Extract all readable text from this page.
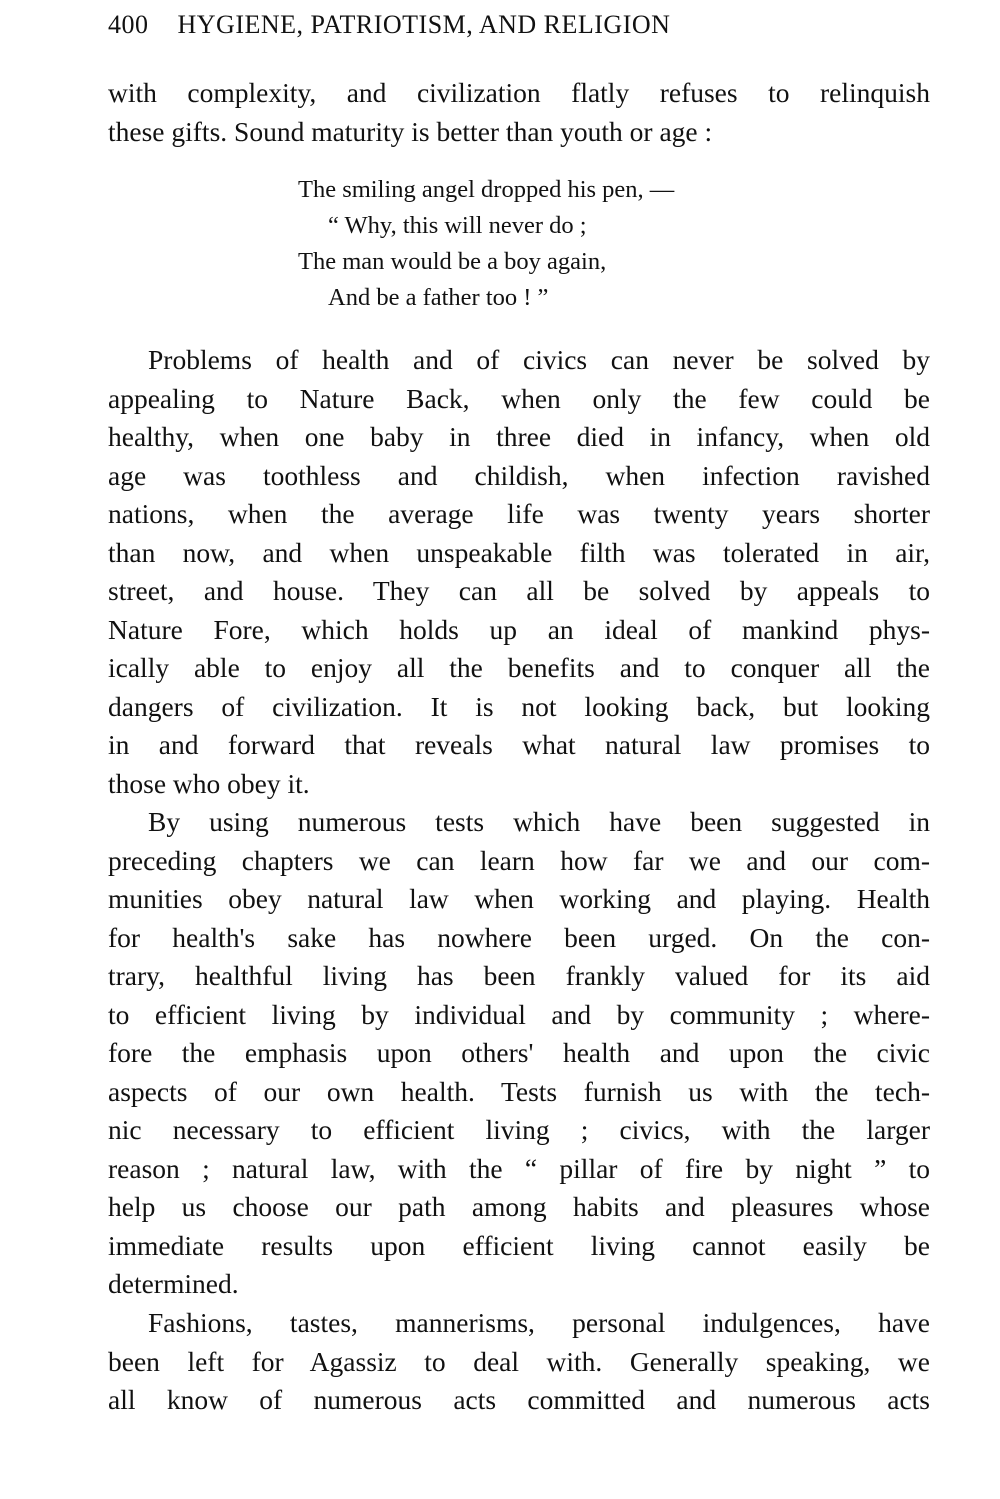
400 HYGIENE, PATRIOTISM, AND RELIGION
with complexity, and civilization flatly refuses to relinquish
these gifts. Sound maturity is better than youth or age :
The smiling angel dropped his pen, —
“ Why, this will never do ;
The man would be a boy again,
And be a father too ! ”
Problems of health and of civics can never be solved by
appealing to Nature Back, when only the few could be
healthy, when one baby in three died in infancy, when old
age was toothless and childish, when infection ravished
nations, when the average life was twenty years shorter
than now, and when unspeakable filth was tolerated in air,
street, and house. They can all be solved by appeals to
Nature Fore, which holds up an ideal of mankind phys-
ically able to enjoy all the benefits and to conquer all the
dangers of civilization. It is not looking back, but looking
in and forward that reveals what natural law promises to
those who obey it.
By using numerous tests which have been suggested in
preceding chapters we can learn how far we and our com-
munities obey natural law when working and playing. Health
for health's sake has nowhere been urged. On the con-
trary, healthful living has been frankly valued for its aid
to efficient living by individual and by community ; where-
fore the emphasis upon others' health and upon the civic
aspects of our own health. Tests furnish us with the tech-
nic necessary to efficient living ; civics, with the larger
reason ; natural law, with the “ pillar of fire by night ” to
help us choose our path among habits and pleasures whose
immediate results upon efficient living cannot easily be
determined.
Fashions, tastes, mannerisms, personal indulgences, have
been left for Agassiz to deal with. Generally speaking, we
all know of numerous acts committed and numerous acts
